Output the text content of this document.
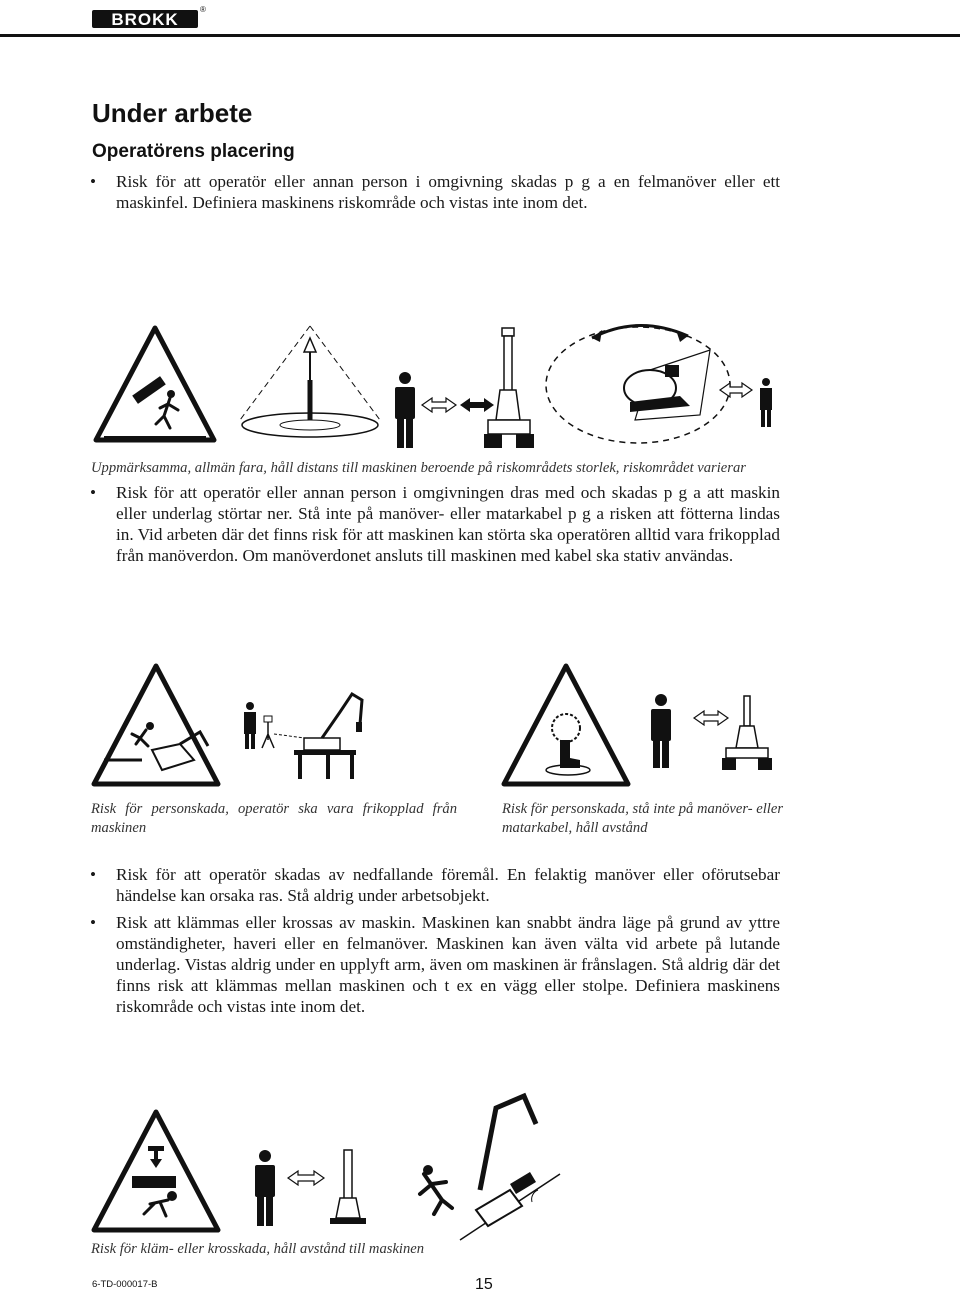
BROKK
®
Under arbete
Operatörens placering
• Risk för att operatör eller annan person i omgivning skadas p g a en felmanöver eller ett maskinfel. Definiera maskinens riskområde och vistas inte inom det.
Uppmärksamma, allmän fara, håll distans till maskinen beroende på riskområdets storlek, riskområdet varierar
• Risk för att operatör eller annan person i omgivningen dras med och skadas p g a att maskin eller underlag störtar ner. Stå inte på manöver- eller matarkabel p g a risken att fötterna lindas in. Vid arbeten där det finns risk för att maskinen kan störta ska operatören alltid vara frikopplad från manöverdon. Om manöverdonet ansluts till maskinen med kabel ska stativ användas.
Risk för personskada, operatör ska vara frikopplad från maskinen
Risk för personskada, stå inte på manöver- eller matarkabel, håll avstånd
• Risk för att operatör skadas av nedfallande föremål. En felaktig manöver eller oförutsebar händelse kan orsaka ras. Stå aldrig under arbetsobjekt.
• Risk att klämmas eller krossas av maskin. Maskinen kan snabbt ändra läge på grund av yttre omständigheter, haveri eller en felmanöver. Maskinen kan även välta vid arbete på lutande underlag. Vistas aldrig under en upplyft arm, även om maskinen är frånslagen. Stå aldrig där det finns risk att klämmas mellan maskinen och t ex en vägg eller stolpe. Definiera maskinens riskområde och vistas inte inom det.
Risk för kläm- eller krosskada, håll avstånd till maskinen
6-TD-000017-B	15
